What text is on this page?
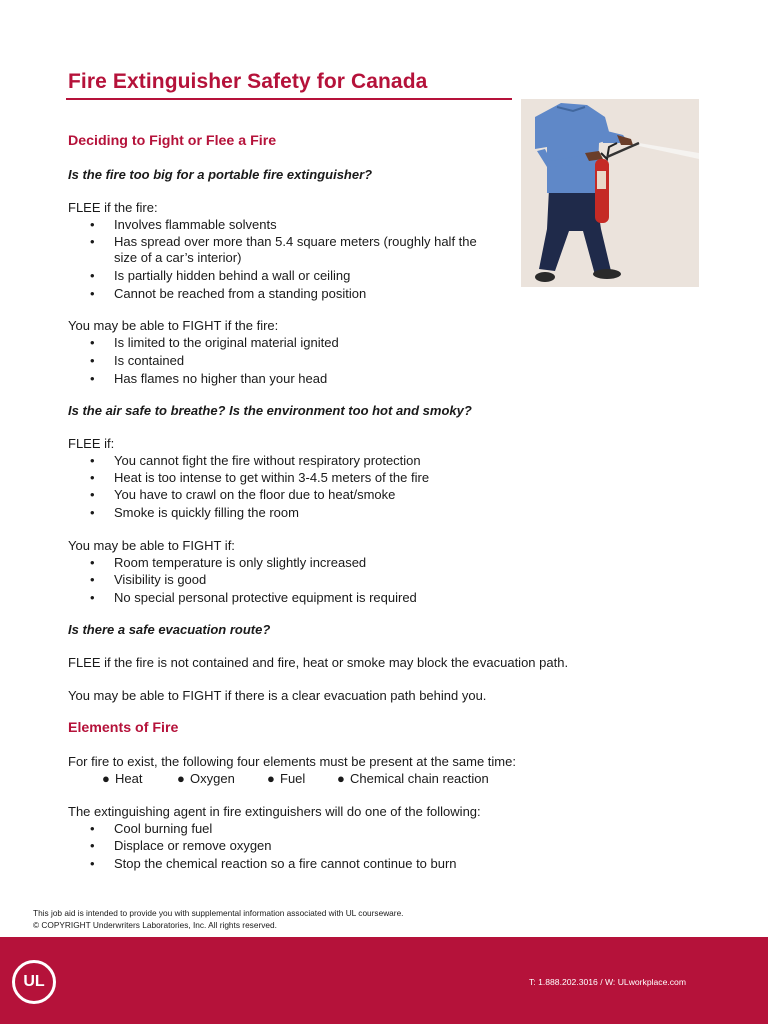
Fire Extinguisher Safety for Canada
Deciding to Fight or Flee a Fire
Is the fire too big for a portable fire extinguisher?
FLEE if the fire:
• Involves flammable solvents
• Has spread over more than 5.4 square meters (roughly half the
size of a car’s interior)
• Is partially hidden behind a wall or ceiling
• Cannot be reached from a standing position
You may be able to FIGHT if the fire:
• Is limited to the original material ignited
• Is contained
• Has flames no higher than your head
Is the air safe to breathe? Is the environment too hot and smoky?
FLEE if:
• You cannot fight the fire without respiratory protection
• Heat is too intense to get within 3-4.5 meters of the fire
• You have to crawl on the floor due to heat/smoke
• Smoke is quickly filling the room
You may be able to FIGHT if:
• Room temperature is only slightly increased
• Visibility is good
• No special personal protective equipment is required
Is there a safe evacuation route?
FLEE if the fire is not contained and fire, heat or smoke may block the evacuation path.
You may be able to FIGHT if there is a clear evacuation path behind you.
Elements of Fire
For fire to exist, the following four elements must be present at the same time:
● Heat	● Oxygen ● Fuel ● Chemical chain reaction
The extinguishing agent in fire extinguishers will do one of the following:
• Cool burning fuel
• Displace or remove oxygen
• Stop the chemical reaction so a fire cannot continue to burn
This job aid is intended to provide you with supplemental information associated with UL courseware.
© COPYRIGHT Underwriters Laboratories, Inc. All rights reserved.
UL	T: 1.888.202.3016 / W: ULworkplace.com
